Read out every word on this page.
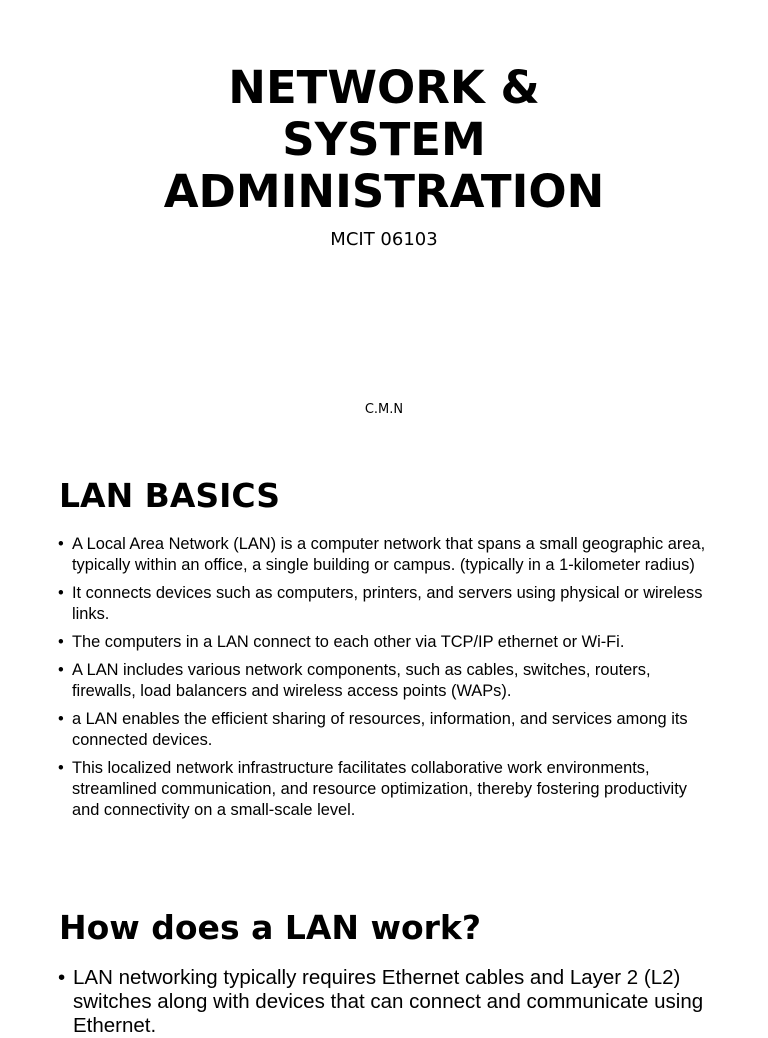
NETWORK &
SYSTEM
ADMINISTRATION

MCIT 06103

C.M.N

LAN BASICS
• A Local Area Network (LAN) is a computer network that spans a small geographic area, typically within an office, a single building or campus. (typically in a 1-kilometer radius)
• It connects devices such as computers, printers, and servers using physical or wireless links.
• The computers in a LAN connect to each other via TCP/IP ethernet or Wi-Fi.
• A LAN includes various network components, such as cables, switches, routers, firewalls, load balancers and wireless access points (WAPs).
• a LAN enables the efficient sharing of resources, information, and services among its connected devices.
• This localized network infrastructure facilitates collaborative work environments, streamlined communication, and resource optimization, thereby fostering productivity and connectivity on a small-scale level.
How does a LAN work?
• LAN networking typically requires Ethernet cables and Layer 2 (L2) switches along with devices that can connect and communicate using Ethernet.
